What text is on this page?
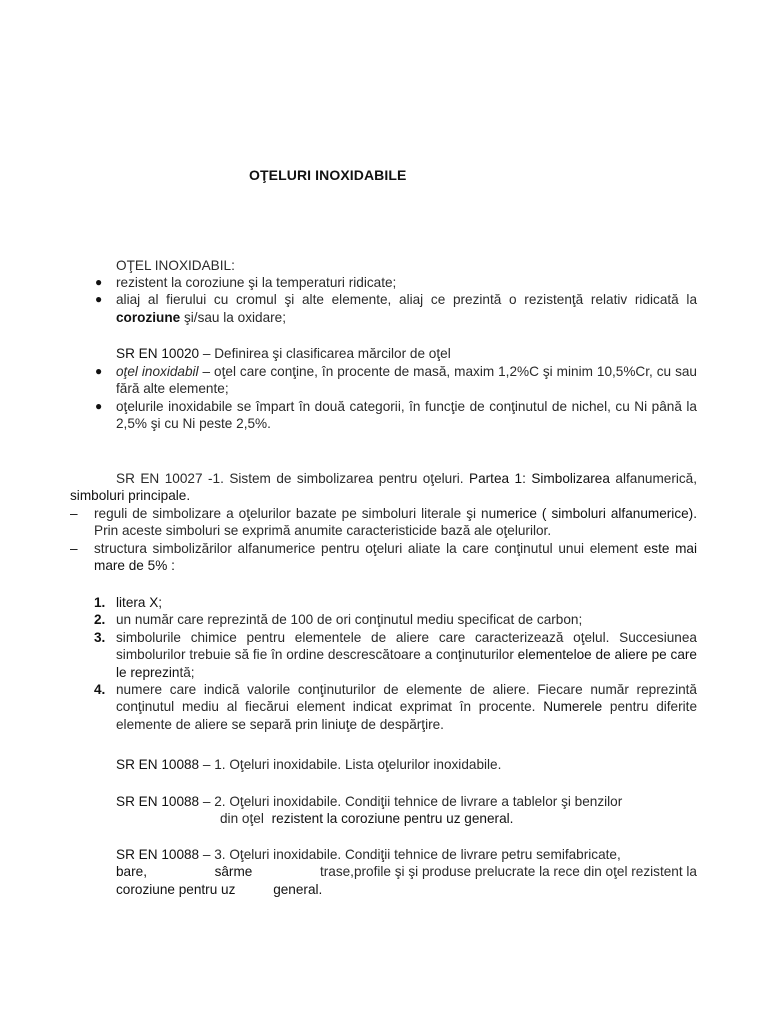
OŢELURI INOXIDABILE
OŢEL INOXIDABIL:
● rezistent la coroziune şi la temperaturi ridicate;
● aliaj al fierului cu cromul şi alte elemente, aliaj ce prezintă o rezistenţă relativ ridicată la coroziune şi/sau la oxidare;
SR EN 10020 – Definirea şi clasificarea mărcilor de oţel
● oţel inoxidabil – oţel care conţine, în procente de masă, maxim 1,2%C şi minim 10,5%Cr, cu sau fără alte elemente;
● oţelurile inoxidabile se împart în două categorii, în funcţie de conţinutul de nichel, cu Ni până la 2,5% şi cu Ni peste 2,5%.
SR EN 10027 -1. Sistem de simbolizarea pentru oţeluri. Partea 1: Simbolizarea alfanumerică, simboluri principale.
– reguli de simbolizare a oţelurilor bazate pe simboluri literale şi numerice ( simboluri alfanumerice). Prin aceste simboluri se exprimă anumite caracteristicide bază ale oţelurilor.
– structura simbolizărilor alfanumerice pentru oţeluri aliate la care conţinutul unui element este mai mare de 5% :
1. litera X;
2. un număr care reprezintă de 100 de ori conţinutul mediu specificat de carbon;
3. simbolurile chimice pentru elementele de aliere care caracterizează oţelul. Succesiunea simbolurilor trebuie să fie în ordine descrescătoare a conţinuturilor elementeloe de aliere pe care le reprezintă;
4. numere care indică valorile conţinuturilor de elemente de aliere. Fiecare număr reprezintă conţinutul mediu al fiecărui element indicat exprimat în procente. Numerele pentru diferite elemente de aliere se separă prin liniuţe de despărţire.
SR EN 10088 – 1. Oţeluri inoxidabile. Lista oţelurilor inoxidabile.
SR EN 10088 – 2. Oţeluri inoxidabile. Condiţii tehnice de livrare a tablelor şi benzilor
din oţel rezistent la coroziune pentru uz general.
SR EN 10088 – 3. Oţeluri inoxidabile. Condiţii tehnice de livrare petru semifabricate,
bare,	sârme	trase,profile şi şi produse prelucrate la rece din oţel rezistent la
coroziune pentru uz	general.
